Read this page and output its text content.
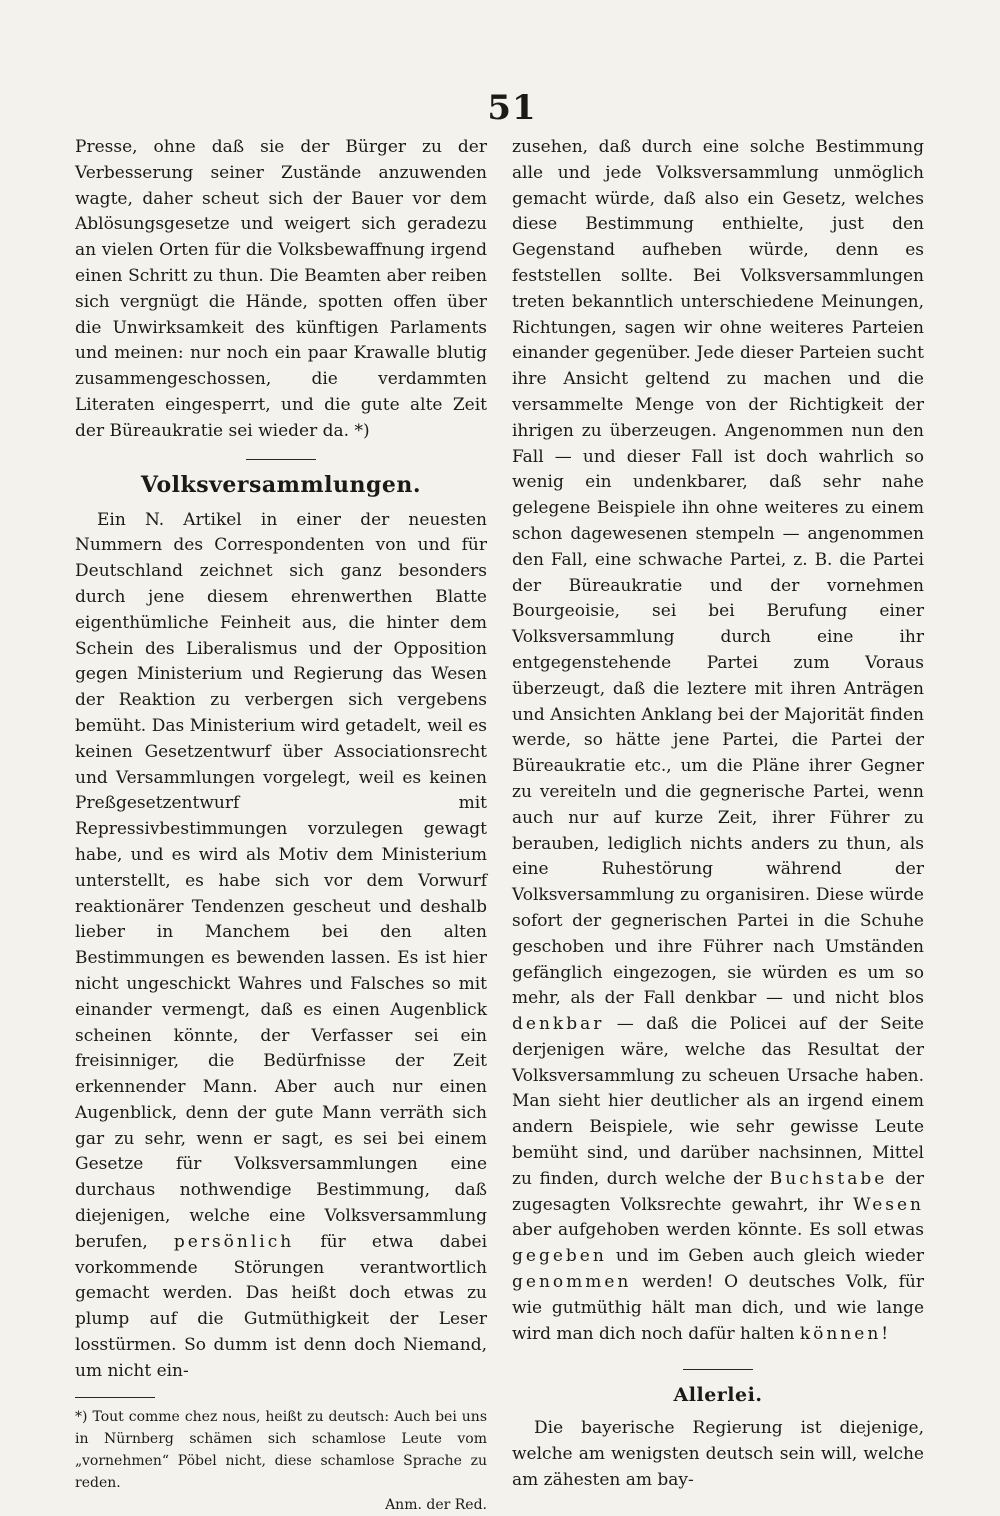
51

Presse, ohne daß sie der Bürger zu der Verbesserung seiner Zustände anzuwenden wagte, daher scheut sich der Bauer vor dem Ablösungsgesetze und weigert sich geradezu an vielen Orten für die Volksbewaffnung irgend einen Schritt zu thun. Die Beamten aber reiben sich vergnügt die Hände, spotten offen über die Unwirksamkeit des künftigen Parlaments und meinen: nur noch ein paar Krawalle blutig zusammengeschossen, die verdammten Literaten eingesperrt, und die gute alte Zeit der Büreaukratie sei wieder da. *)

Volksversammlungen.

Ein N. Artikel in einer der neuesten Nummern des Correspondenten von und für Deutschland zeichnet sich ganz besonders durch jene diesem ehrenwerthen Blatte eigenthümliche Feinheit aus, die hinter dem Schein des Liberalismus und der Opposition gegen Ministerium und Regierung das Wesen der Reaktion zu verbergen sich vergebens bemüht. Das Ministerium wird getadelt, weil es keinen Gesetzentwurf über Associationsrecht und Versammlungen vorgelegt, weil es keinen Preßgesetzentwurf mit Repressivbestimmungen vorzulegen gewagt habe, und es wird als Motiv dem Ministerium unterstellt, es habe sich vor dem Vorwurf reaktionärer Tendenzen gescheut und deshalb lieber in Manchem bei den alten Bestimmungen es bewenden lassen. Es ist hier nicht ungeschickt Wahres und Falsches so mit einander vermengt, daß es einen Augenblick scheinen könnte, der Verfasser sei ein freisinniger, die Bedürfnisse der Zeit erkennender Mann. Aber auch nur einen Augenblick, denn der gute Mann verräth sich gar zu sehr, wenn er sagt, es sei bei einem Gesetze für Volksversammlungen eine durchaus nothwendige Bestimmung, daß diejenigen, welche eine Volksversammlung berufen, persönlich für etwa dabei vorkommende Störungen verantwortlich gemacht werden. Das heißt doch etwas zu plump auf die Gutmüthigkeit der Leser losstürmen. So dumm ist denn doch Niemand, um nicht ein-

*) Tout comme chez nous, heißt zu deutsch: Auch bei uns in Nürnberg schämen sich schamlose Leute vom „vornehmen“ Pöbel nicht, diese schamlose Sprache zu reden.
Anm. der Red.

zusehen, daß durch eine solche Bestimmung alle und jede Volksversammlung unmöglich gemacht würde, daß also ein Gesetz, welches diese Bestimmung enthielte, just den Gegenstand aufheben würde, denn es feststellen sollte. Bei Volksversammlungen treten bekanntlich unterschiedene Meinungen, Richtungen, sagen wir ohne weiteres Parteien einander gegenüber. Jede dieser Parteien sucht ihre Ansicht geltend zu machen und die versammelte Menge von der Richtigkeit der ihrigen zu überzeugen. Angenommen nun den Fall — und dieser Fall ist doch wahrlich so wenig ein undenkbarer, daß sehr nahe gelegene Beispiele ihn ohne weiteres zu einem schon dagewesenen stempeln — angenommen den Fall, eine schwache Partei, z. B. die Partei der Büreaukratie und der vornehmen Bourgeoisie, sei bei Berufung einer Volksversammlung durch eine ihr entgegenstehende Partei zum Voraus überzeugt, daß die leztere mit ihren Anträgen und Ansichten Anklang bei der Majorität finden werde, so hätte jene Partei, die Partei der Büreaukratie etc., um die Pläne ihrer Gegner zu vereiteln und die gegnerische Partei, wenn auch nur auf kurze Zeit, ihrer Führer zu berauben, lediglich nichts anders zu thun, als eine Ruhestörung während der Volksversammlung zu organisiren. Diese würde sofort der gegnerischen Partei in die Schuhe geschoben und ihre Führer nach Umständen gefänglich eingezogen, sie würden es um so mehr, als der Fall denkbar — und nicht blos denkbar — daß die Policei auf der Seite derjenigen wäre, welche das Resultat der Volksversammlung zu scheuen Ursache haben. Man sieht hier deutlicher als an irgend einem andern Beispiele, wie sehr gewisse Leute bemüht sind, und darüber nachsinnen, Mittel zu finden, durch welche der Buchstabe der zugesagten Volksrechte gewahrt, ihr Wesen aber aufgehoben werden könnte. Es soll etwas gegeben und im Geben auch gleich wieder genommen werden! O deutsches Volk, für wie gutmüthig hält man dich, und wie lange wird man dich noch dafür halten können!

Allerlei.

Die bayerische Regierung ist diejenige, welche am wenigsten deutsch sein will, welche am zähesten am bay-
